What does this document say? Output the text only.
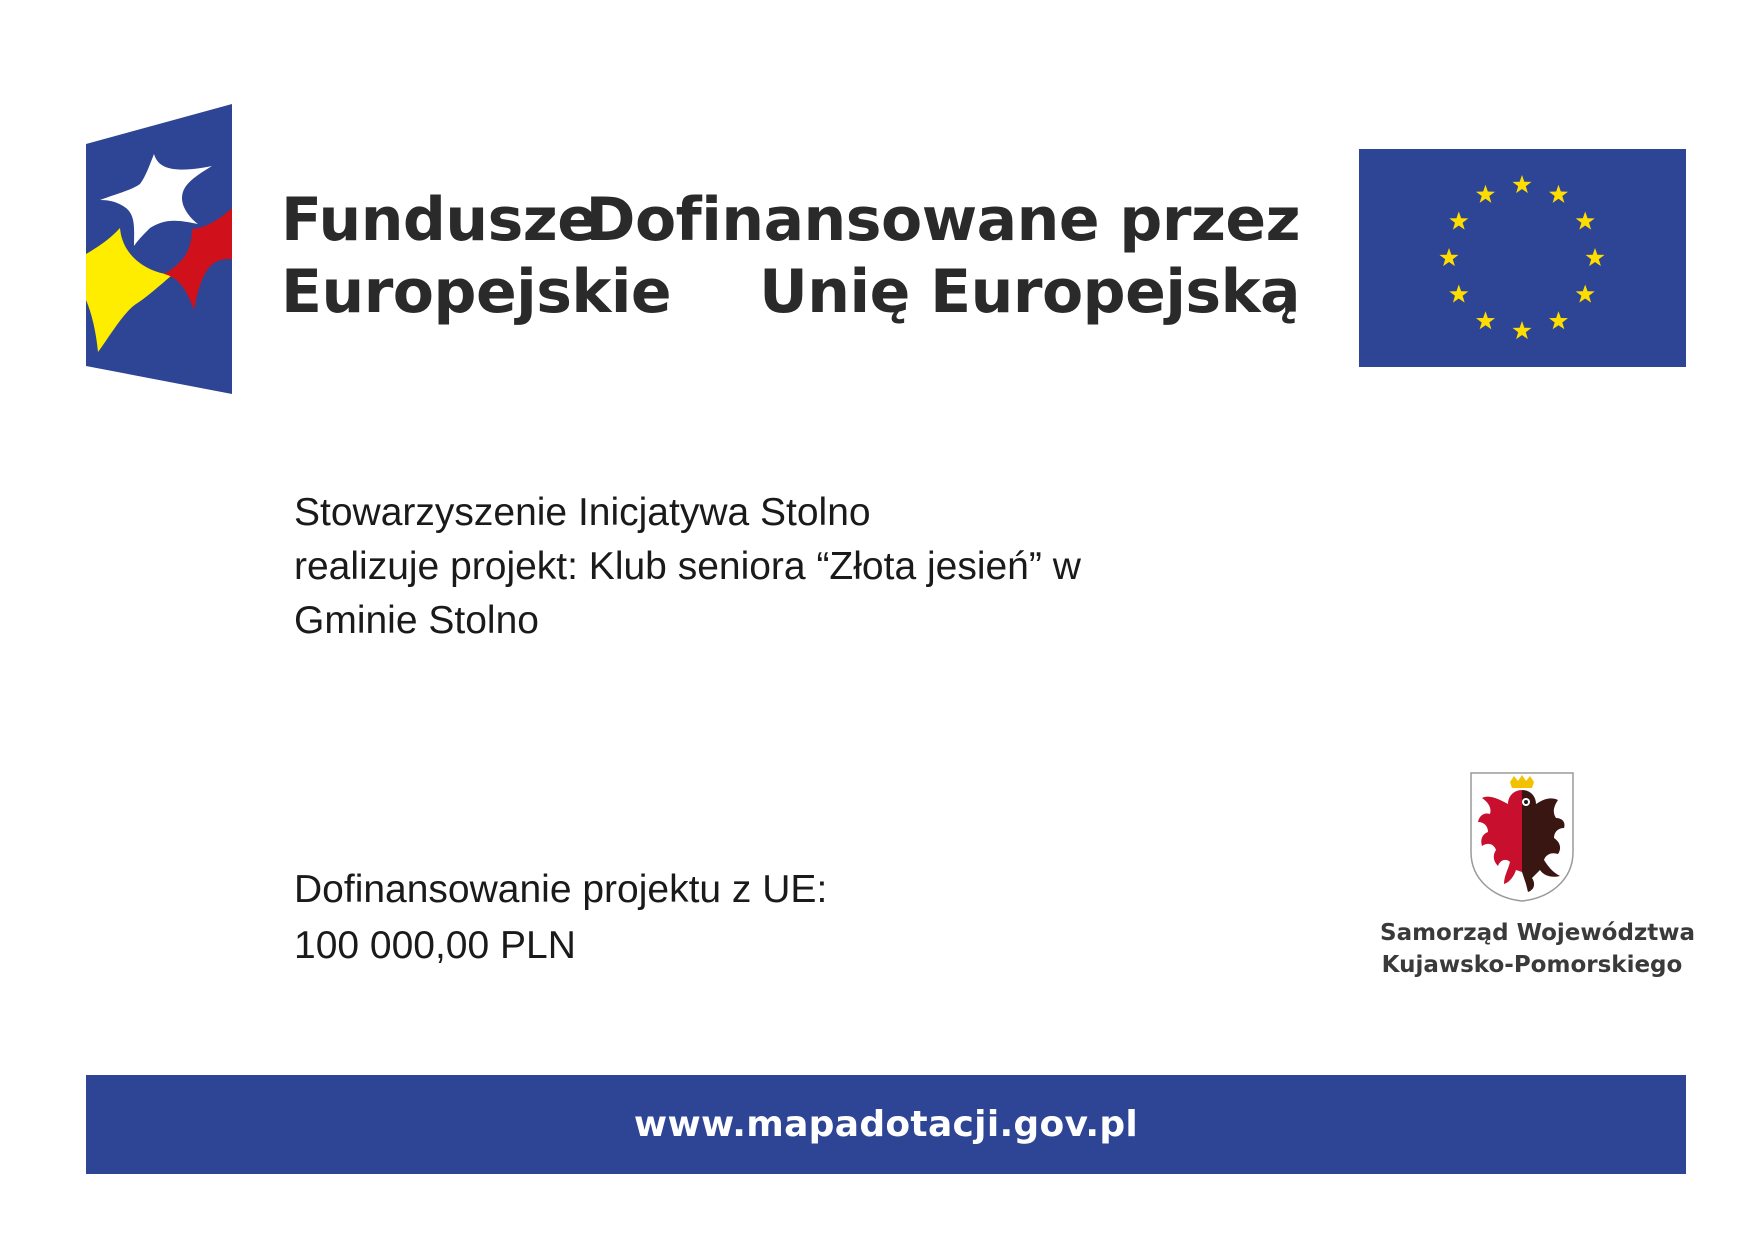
Fundusze
Europejskie
Dofinansowane przez
Unię Europejską
Stowarzyszenie Inicjatywa Stolno
realizuje projekt: Klub seniora “Złota jesień” w
Gminie Stolno
Dofinansowanie projektu z UE:
100 000,00 PLN	Samorząd Województwa
Kujawsko-Pomorskiego
www.mapadotacji.gov.pl
